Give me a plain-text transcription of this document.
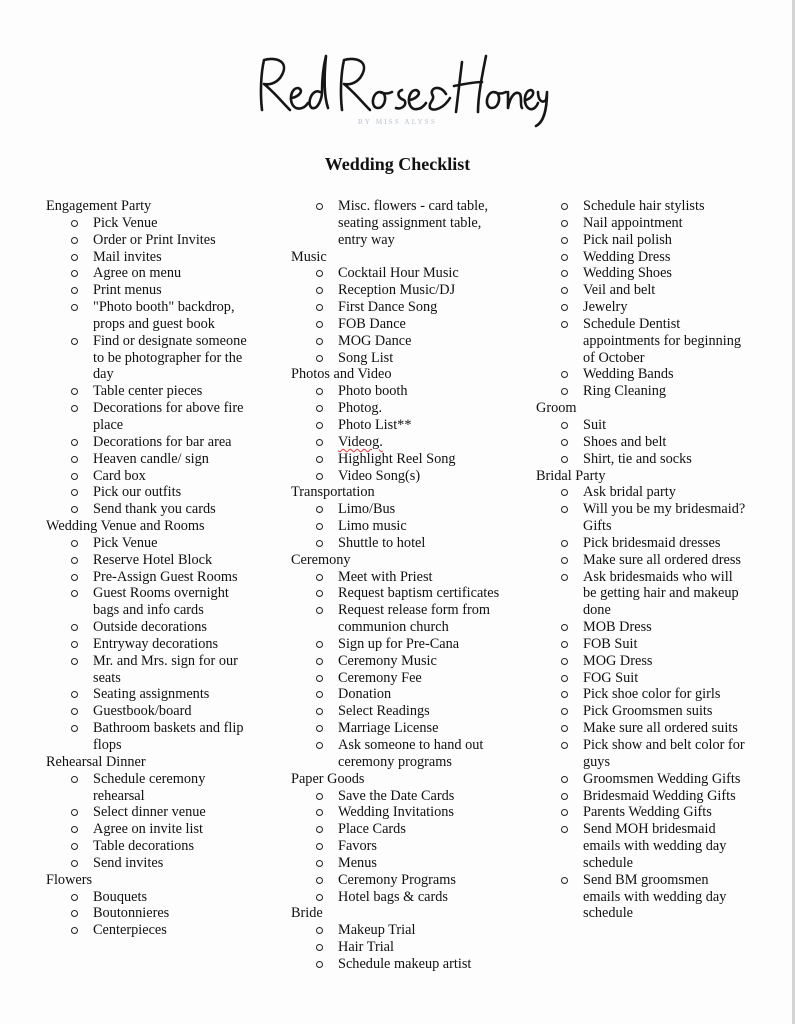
BY MISS ALYSS
Wedding Checklist
Engagement Party
Pick Venue
Order or Print Invites
Mail invites
Agree on menu
Print menus
"Photo booth" backdrop, props and guest book
Find or designate someone to be photographer for the day
Table center pieces
Decorations for above fire place
Decorations for bar area
Heaven candle/ sign
Card box
Pick our outfits
Send thank you cards
Wedding Venue and Rooms
Pick Venue
Reserve Hotel Block
Pre-Assign Guest Rooms
Guest Rooms overnight bags and info cards
Outside decorations
Entryway decorations
Mr. and Mrs. sign for our seats
Seating assignments
Guestbook/board
Bathroom baskets and flip flops
Rehearsal Dinner
Schedule ceremony rehearsal
Select dinner venue
Agree on invite list
Table decorations
Send invites
Flowers
Bouquets
Boutonnieres
Centerpieces
Misc. flowers - card table, seating assignment table, entry way
Music
Cocktail Hour Music
Reception Music/DJ
First Dance Song
FOB Dance
MOG Dance
Song List
Photos and Video
Photo booth
Photog.
Photo List**
Videog.
Highlight Reel Song
Video Song(s)
Transportation
Limo/Bus
Limo music
Shuttle to hotel
Ceremony
Meet with Priest
Request baptism certificates
Request release form from communion church
Sign up for Pre-Cana
Ceremony Music
Ceremony Fee
Donation
Select Readings
Marriage License
Ask someone to hand out ceremony programs
Paper Goods
Save the Date Cards
Wedding Invitations
Place Cards
Favors
Menus
Ceremony Programs
Hotel bags & cards
Bride
Makeup Trial
Hair Trial
Schedule makeup artist
Schedule hair stylists
Nail appointment
Pick nail polish
Wedding Dress
Wedding Shoes
Veil and belt
Jewelry
Schedule Dentist appointments for beginning of October
Wedding Bands
Ring Cleaning
Groom
Suit
Shoes and belt
Shirt, tie and socks
Bridal Party
Ask bridal party
Will you be my bridesmaid? Gifts
Pick bridesmaid dresses
Make sure all ordered dress
Ask bridesmaids who will be getting hair and makeup done
MOB Dress
FOB Suit
MOG Dress
FOG Suit
Pick shoe color for girls
Pick Groomsmen suits
Make sure all ordered suits
Pick show and belt color for guys
Groomsmen Wedding Gifts
Bridesmaid Wedding Gifts
Parents Wedding Gifts
Send MOH bridesmaid emails with wedding day schedule
Send BM groomsmen emails with wedding day schedule
